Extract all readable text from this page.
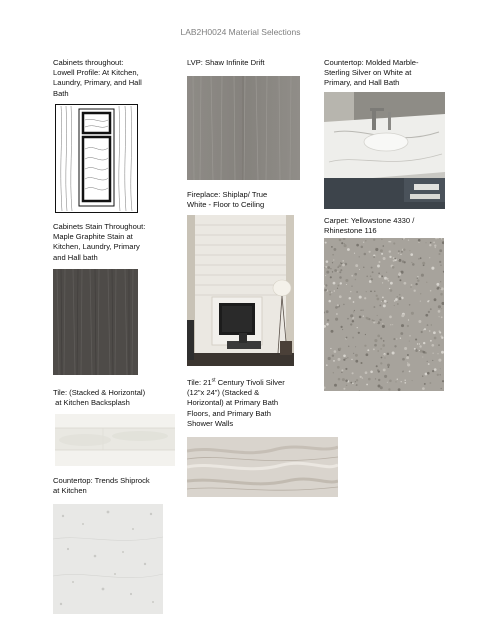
LAB2H0024 Material Selections
Cabinets throughout:
Lowell Profile: At Kitchen,
Laundry, Primary, and Hall
Bath
Cabinets Stain Throughout:
Maple Graphite Stain at
Kitchen, Laundry, Primary
and Hall bath
Tile: (Stacked & Horizontal)
at Kitchen Backsplash
Countertop: Trends Shiprock
at Kitchen
LVP: Shaw Infinite Drift
Fireplace: Shiplap/ True
White - Floor to Ceiling
Tile: 21st Century Tivoli Silver
(12”x 24”) (Stacked &
Horizontal) at Primary Bath
Floors, and Primary Bath
Shower Walls
Countertop: Molded Marble-
Sterling Silver on White at
Primary, and Hall Bath
Carpet: Yellowstone 4330 /
Rhinestone 116
